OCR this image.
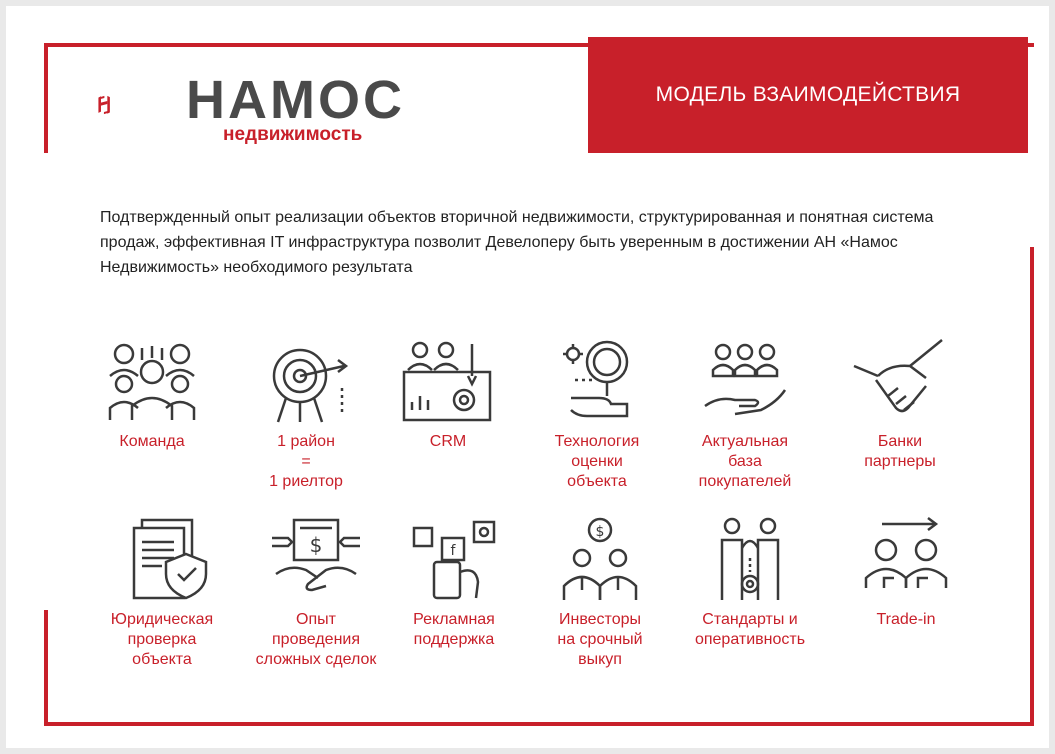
МОДЕЛЬ ВЗАИМОДЕЙСТВИЯ
НАМОС
недвижимость
Подтвержденный опыт реализации объектов вторичной недвижимости, структурированная и понятная система продаж, эффективная IT инфраструктура позволит Девелоперу быть уверенным в достижении АН «Намос Недвижимость» необходимого результата
Команда	1 район
=
1 риелтор
CRM	Технология
оценки
объекта
Актуальная
база
покупателей
Банки
партнеры
Юридическая
проверка
объекта
$
Опыт
проведения
сложных сделок
f
Рекламная
поддержка
$
Инвесторы
на срочный
выкуп
Стандарты и
оперативность
Trade-in
